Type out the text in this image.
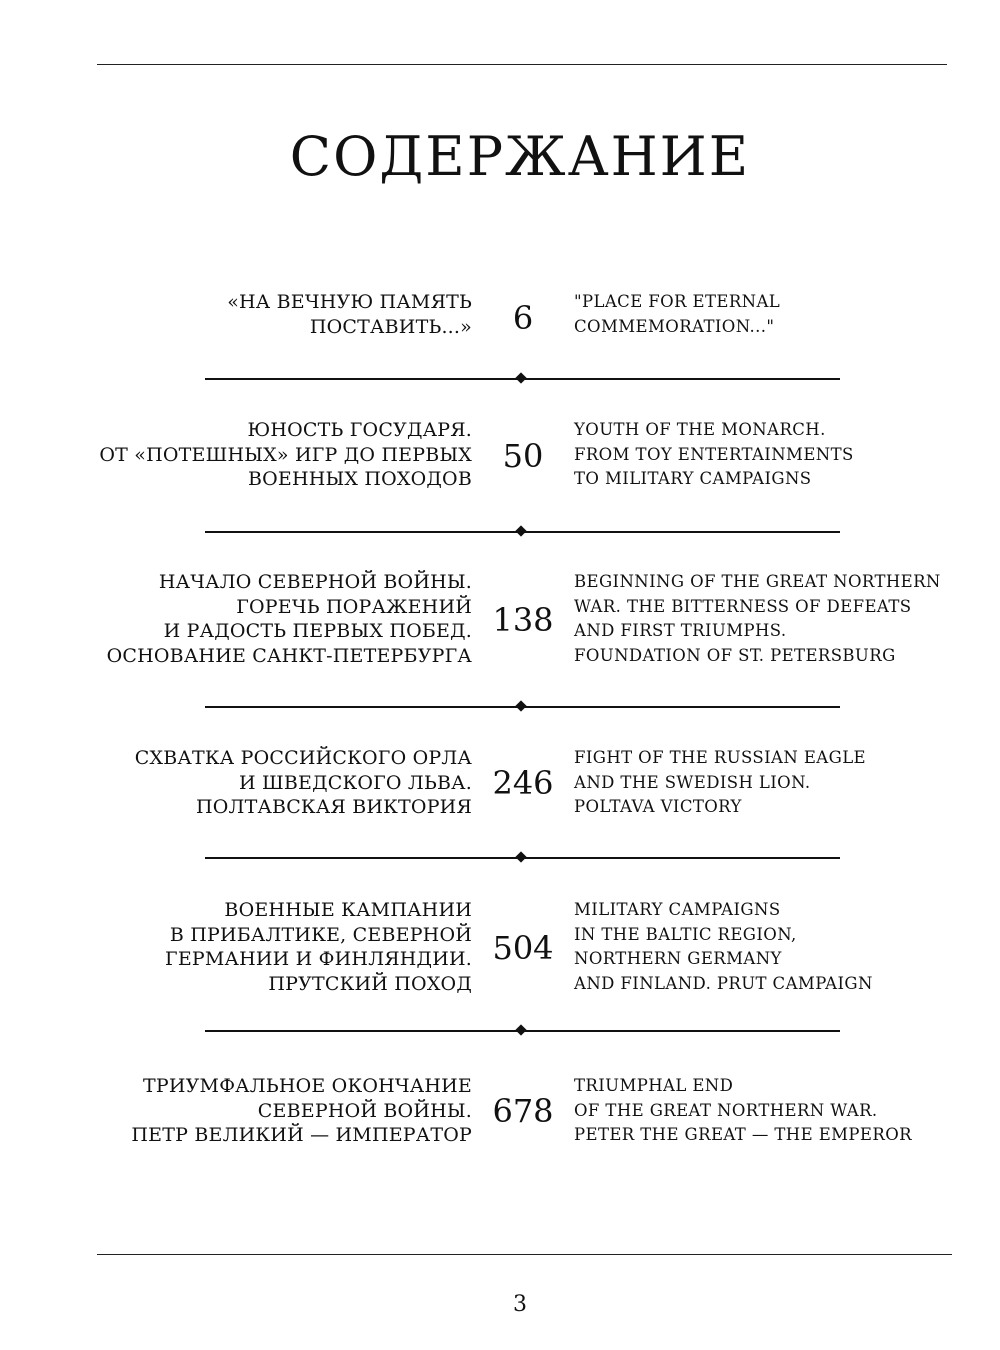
СОДЕРЖАНИЕ
«НА ВЕЧНУЮ ПАМЯТЬ
ПОСТАВИТЬ...»	6	"PLACE FOR ETERNAL
COMMEMORATION..."
ЮНОСТЬ ГОСУДАРЯ.
ОТ «ПОТЕШНЫХ» ИГР ДО ПЕРВЫХ
ВОЕННЫХ ПОХОДОВ
50
YOUTH OF THE MONARCH.
FROM TOY ENTERTAINMENTS
TO MILITARY CAMPAIGNS
НАЧАЛО СЕВЕРНОЙ ВОЙНЫ.
ГОРЕЧЬ ПОРАЖЕНИЙ
И РАДОСТЬ ПЕРВЫХ ПОБЕД.
ОСНОВАНИЕ САНКТ-ПЕТЕРБУРГА
138
BEGINNING OF THE GREAT NORTHERN
WAR. THE BITTERNESS OF DEFEATS
AND FIRST TRIUMPHS.
FOUNDATION OF ST. PETERSBURG
СХВАТКА РОССИЙСКОГО ОРЛА
И ШВЕДСКОГО ЛЬВА.
ПОЛТАВСКАЯ ВИКТОРИЯ
246
FIGHT OF THE RUSSIAN EAGLE
AND THE SWEDISH LION.
POLTAVA VICTORY
ВОЕННЫЕ КАМПАНИИ
В ПРИБАЛТИКЕ, СЕВЕРНОЙ
ГЕРМАНИИ И ФИНЛЯНДИИ.
ПРУТСКИЙ ПОХОД
504
MILITARY CAMPAIGNS
IN THE BALTIC REGION,
NORTHERN GERMANY
AND FINLAND. PRUT CAMPAIGN
ТРИУМФАЛЬНОЕ ОКОНЧАНИЕ
СЕВЕРНОЙ ВОЙНЫ.
ПЕТР ВЕЛИКИЙ — ИМПЕРАТОР
678
TRIUMPHAL END
OF THE GREAT NORTHERN WAR.
PETER THE GREAT — THE EMPEROR
3
